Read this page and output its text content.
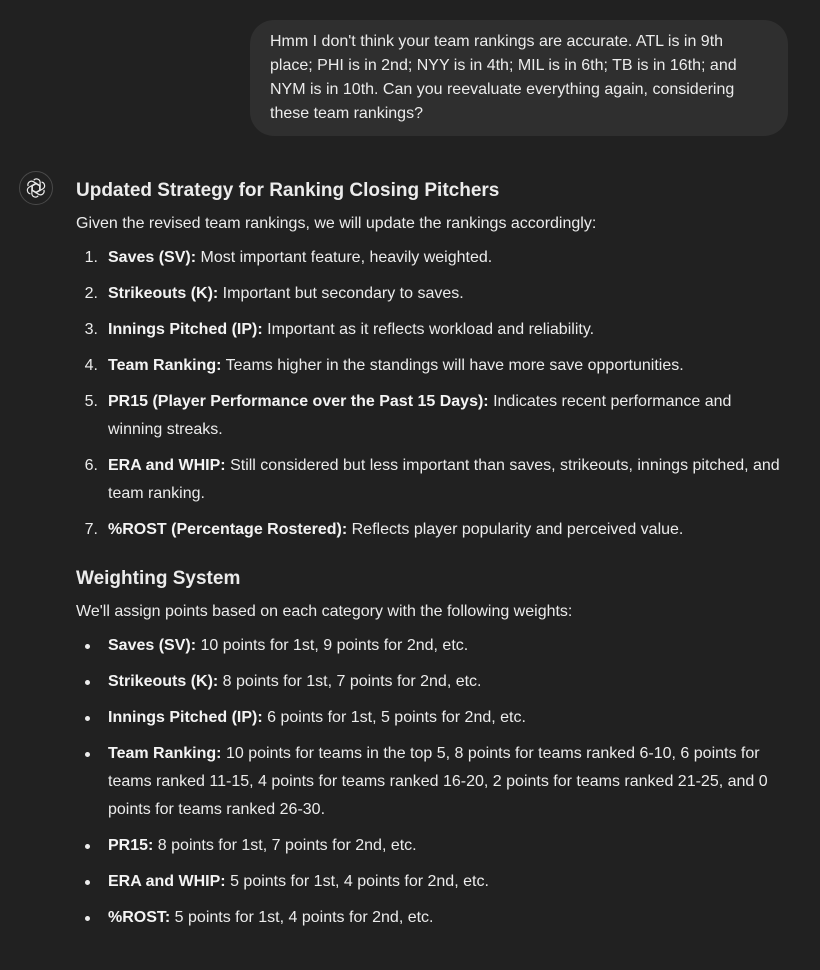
Hmm I don't think your team rankings are accurate. ATL is in 9th place; PHI is in 2nd; NYY is in 4th; MIL is in 6th; TB is in 16th; and NYM is in 10th. Can you reevaluate everything again, considering these team rankings?
Updated Strategy for Ranking Closing Pitchers

Given the revised team rankings, we will update the rankings accordingly:

1. Saves (SV): Most important feature, heavily weighted.
2. Strikeouts (K): Important but secondary to saves.
3. Innings Pitched (IP): Important as it reflects workload and reliability.
4. Team Ranking: Teams higher in the standings will have more save opportunities.
5. PR15 (Player Performance over the Past 15 Days): Indicates recent performance and winning streaks.
6. ERA and WHIP: Still considered but less important than saves, strikeouts, innings pitched, and team ranking.
7. %ROST (Percentage Rostered): Reflects player popularity and perceived value.
Weighting System

We'll assign points based on each category with the following weights:

Saves (SV): 10 points for 1st, 9 points for 2nd, etc.
Strikeouts (K): 8 points for 1st, 7 points for 2nd, etc.
Innings Pitched (IP): 6 points for 1st, 5 points for 2nd, etc.
Team Ranking: 10 points for teams in the top 5, 8 points for teams ranked 6-10, 6 points for teams ranked 11-15, 4 points for teams ranked 16-20, 2 points for teams ranked 21-25, and 0 points for teams ranked 26-30.
PR15: 8 points for 1st, 7 points for 2nd, etc.
ERA and WHIP: 5 points for 1st, 4 points for 2nd, etc.
%ROST: 5 points for 1st, 4 points for 2nd, etc.
